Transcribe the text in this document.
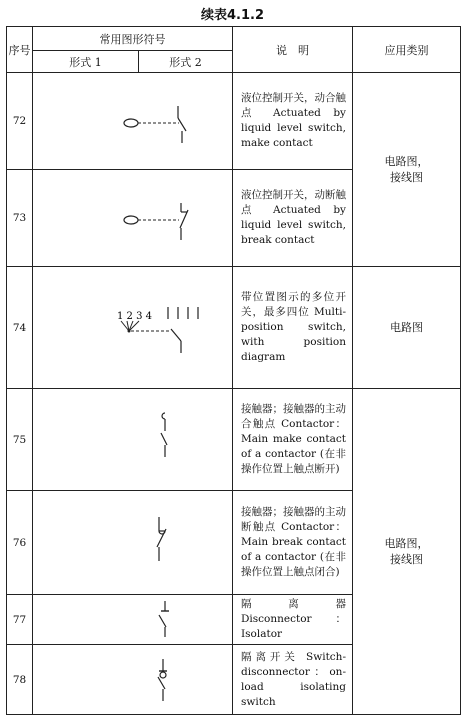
续表4.1.2
序号	常用图形符号		说　明	应用类别
	形式 1	形式 2		
72			液位控制开关，动合触点 Actuated by liquid level switch, make contact	电路图，
接线图
73			液位控制开关，动断触点 Actuated by liquid level switch, break contact	
74	1 2 3 4		带位置图示的多位开关，最多四位 Multi-position switch, with position diagram	电路图
75			接触器；接触器的主动合触点 Contactor：Main make contact of a contactor (在非操作位置上触点断开)	电路图，
接线图
76			接触器；接触器的主动断触点 Contactor：Main break contact of a contactor (在非操作位置上触点闭合)	
77			隔离器 Disconnector：Isolator	
78			隔离开关 Switch-disconnector：on-load isolating switch	
